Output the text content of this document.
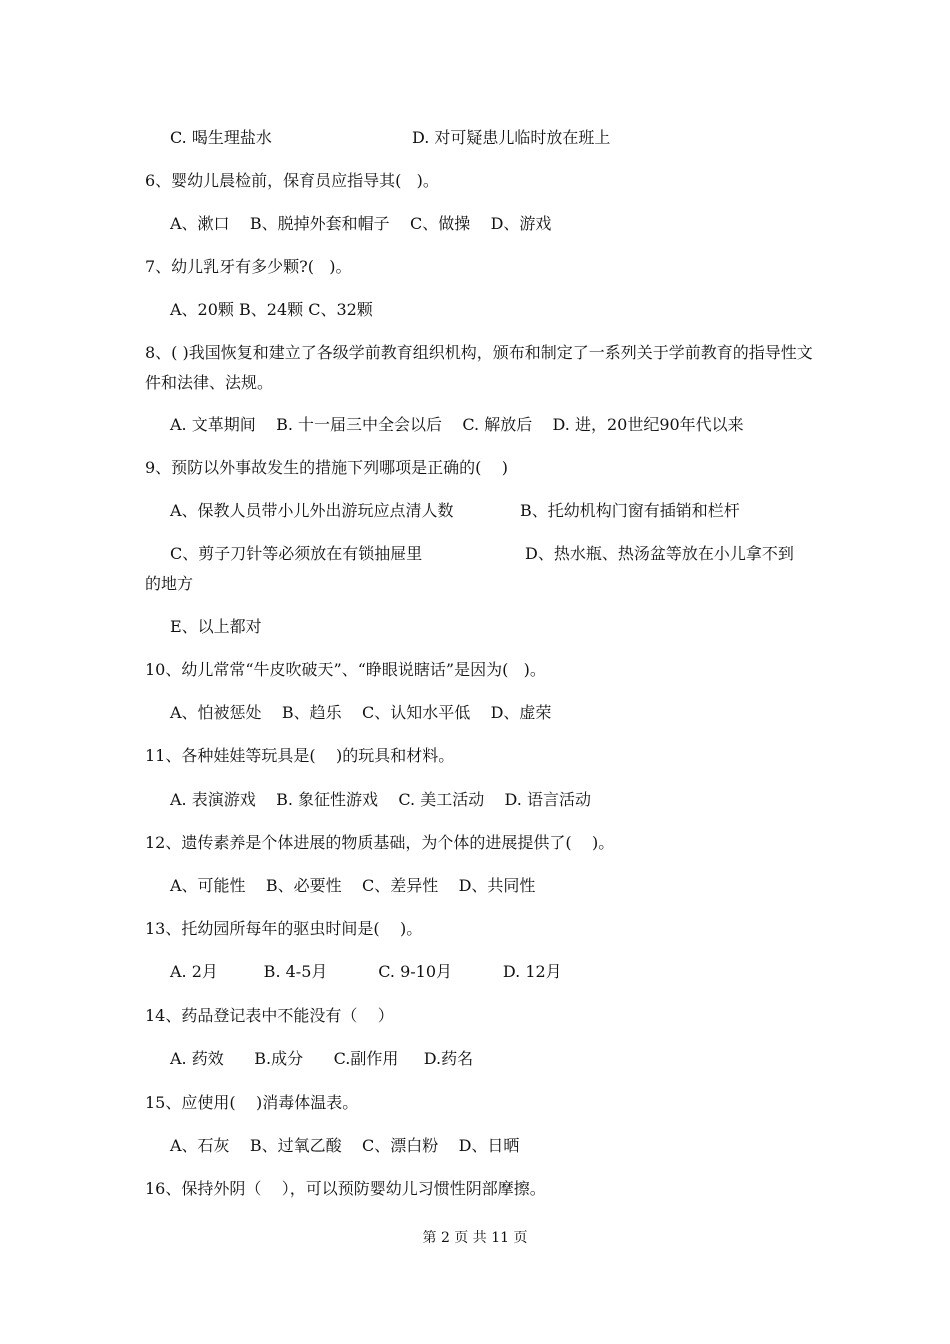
C. 喝生理盐水

	D. 对可疑患儿临时放在班上

6、婴幼儿晨检前，保育员应指导其(   )。
A、漱口    B、脱掉外套和帽子    C、做操    D、游戏
7、幼儿乳牙有多少颗?(   )。
A、20颗 B、24颗 C、32颗
8、( )我国恢复和建立了各级学前教育组织机构，颁布和制定了一系列关于学前教育的指导性文件和法律、法规。
A. 文革期间    B. 十一届三中全会以后    C. 解放后    D. 进，20世纪90年代以来
9、预防以外事故发生的措施下列哪项是正确的(    )

A、保教人员带小儿外出游玩应点清人数

	B、托幼机构门窗有插销和栏杆

C、剪子刀针等必须放在有锁抽屉里

	D、热水瓶、热汤盆等放在小儿拿不到

的地方
E、以上都对
10、幼儿常常“牛皮吹破天”、“睁眼说瞎话”是因为(   )。
A、怕被惩处    B、趋乐    C、认知水平低    D、虚荣
11、各种娃娃等玩具是(    )的玩具和材料。
A. 表演游戏    B. 象征性游戏    C. 美工活动    D. 语言活动
12、遗传素养是个体进展的物质基础，为个体的进展提供了(    )。
A、可能性    B、必要性    C、差异性    D、共同性
13、托幼园所每年的驱虫时间是(    )。
A. 2月         B. 4-5月          C. 9-10月          D. 12月
14、药品登记表中不能没有（    ）
A. 药效      B.成分      C.副作用     D.药名
15、应使用(    )消毒体温表。
A、石灰    B、过氧乙酸    C、漂白粉    D、日晒
16、保持外阴（    ），可以预防婴幼儿习惯性阴部摩擦。
第 2 页 共 11 页
